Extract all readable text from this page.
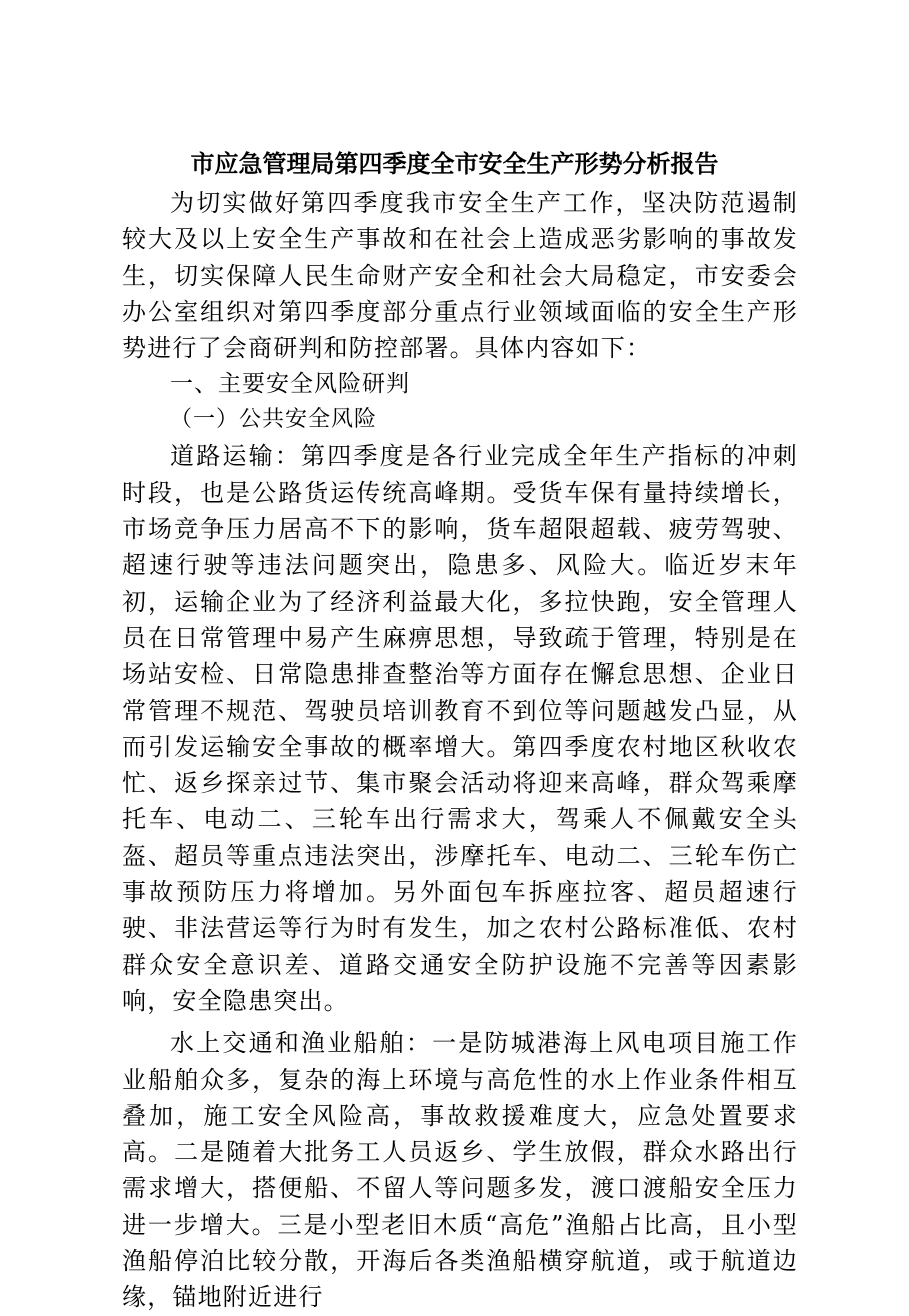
市应急管理局第四季度全市安全生产形势分析报告

为切实做好第四季度我市安全生产工作，坚决防范遏制较大及以上安全生产事故和在社会上造成恶劣影响的事故发生，切实保障人民生命财产安全和社会大局稳定，市安委会办公室组织对第四季度部分重点行业领域面临的安全生产形势进行了会商研判和防控部署。具体内容如下：

一、主要安全风险研判

（一）公共安全风险

道路运输：第四季度是各行业完成全年生产指标的冲刺时段，也是公路货运传统高峰期。受货车保有量持续增长，市场竞争压力居高不下的影响，货车超限超载、疲劳驾驶、超速行驶等违法问题突出，隐患多、风险大。临近岁末年初，运输企业为了经济利益最大化，多拉快跑，安全管理人员在日常管理中易产生麻痹思想，导致疏于管理，特别是在场站安检、日常隐患排查整治等方面存在懈怠思想、企业日常管理不规范、驾驶员培训教育不到位等问题越发凸显，从而引发运输安全事故的概率增大。第四季度农村地区秋收农忙、返乡探亲过节、集市聚会活动将迎来高峰，群众驾乘摩托车、电动二、三轮车出行需求大，驾乘人不佩戴安全头盔、超员等重点违法突出，涉摩托车、电动二、三轮车伤亡事故预防压力将增加。另外面包车拆座拉客、超员超速行驶、非法营运等行为时有发生，加之农村公路标准低、农村群众安全意识差、道路交通安全防护设施不完善等因素影响，安全隐患突出。

水上交通和渔业船舶：一是防城港海上风电项目施工作业船舶众多，复杂的海上环境与高危性的水上作业条件相互叠加，施工安全风险高，事故救援难度大，应急处置要求高。二是随着大批务工人员返乡、学生放假，群众水路出行需求增大，搭便船、不留人等问题多发，渡口渡船安全压力进一步增大。三是小型老旧木质“高危”渔船占比高，且小型渔船停泊比较分散，开海后各类渔船横穿航道，或于航道边缘，锚地附近进行
